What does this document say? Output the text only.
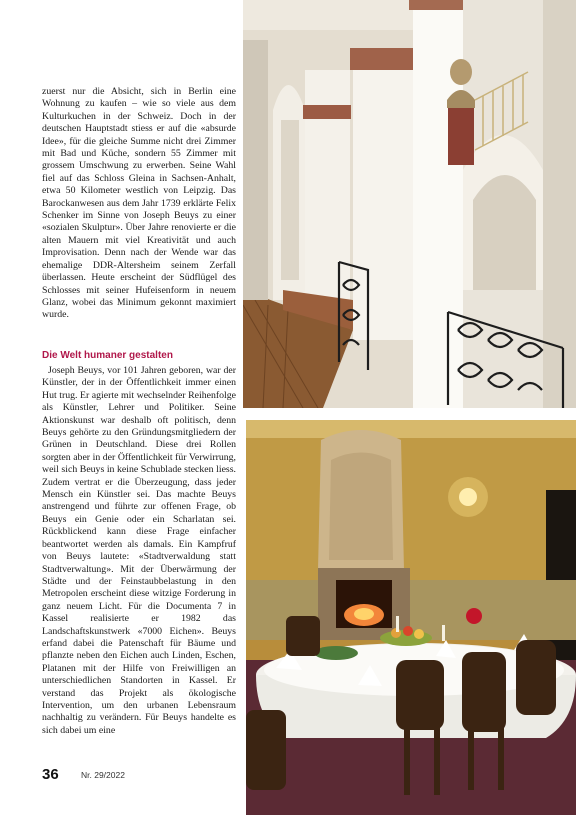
zuerst nur die Absicht, sich in Berlin eine Wohnung zu kaufen – wie so viele aus dem Kulturkuchen in der Schweiz. Doch in der deutschen Hauptstadt stiess er auf die «absurde Idee», für die gleiche Summe nicht drei Zimmer mit Bad und Küche, sondern 55 Zimmer mit grossem Umschwung zu erwerben. Seine Wahl fiel auf das Schloss Gleina in Sachsen-Anhalt, etwa 50 Kilometer westlich von Leipzig. Das Barockanwesen aus dem Jahr 1739 erklärte Felix Schenker im Sinne von Joseph Beuys zu einer «sozialen Skulptur». Über Jahre renovierte er die alten Mauern mit viel Kreativität und auch Improvisation. Denn nach der Wende war das ehemalige DDR-Altersheim seinem Zerfall überlassen. Heute erscheint der Südflügel des Schlosses mit seiner Hufeisenform in neuem Glanz, wobei das Minimum gekonnt maximiert wurde.

Die Welt humaner gestalten

Joseph Beuys, vor 101 Jahren geboren, war der Künstler, der in der Öffentlichkeit immer einen Hut trug. Er agierte mit wechselnder Reihenfolge als Künstler, Lehrer und Politiker. Seine Aktionskunst war deshalb oft politisch, denn Beuys gehörte zu den Gründungsmitgliedern der Grünen in Deutschland. Diese drei Rollen sorgten aber in der Öffentlichkeit für Verwirrung, weil sich Beuys in keine Schublade stecken liess. Zudem vertrat er die Überzeugung, dass jeder Mensch ein Künstler sei. Das machte Beuys anstrengend und führte zur offenen Frage, ob Beuys ein Genie oder ein Scharlatan sei. Rückblickend kann diese Frage einfacher beantwortet werden als damals. Ein Kampfruf von Beuys lautete: «Stadtverwaldung statt Stadtverwaltung». Mit der Überwärmung der Städte und der Feinstaubbelastung in den Metropolen erscheint diese witzige Forderung in ganz neuem Licht. Für die Documenta 7 in Kassel realisierte er 1982 das Landschaftskunstwerk «7000 Eichen». Beuys erfand dabei die Patenschaft für Bäume und pflanzte neben den Eichen auch Linden, Eschen, Platanen mit der Hilfe von Freiwilligen an unterschiedlichen Standorten in Kassel. Er verstand das Projekt als ökologische Intervention, um den urbanen Lebensraum nachhaltig zu verändern. Für Beuys handelte es sich dabei um eine

36	Nr. 29/2022
